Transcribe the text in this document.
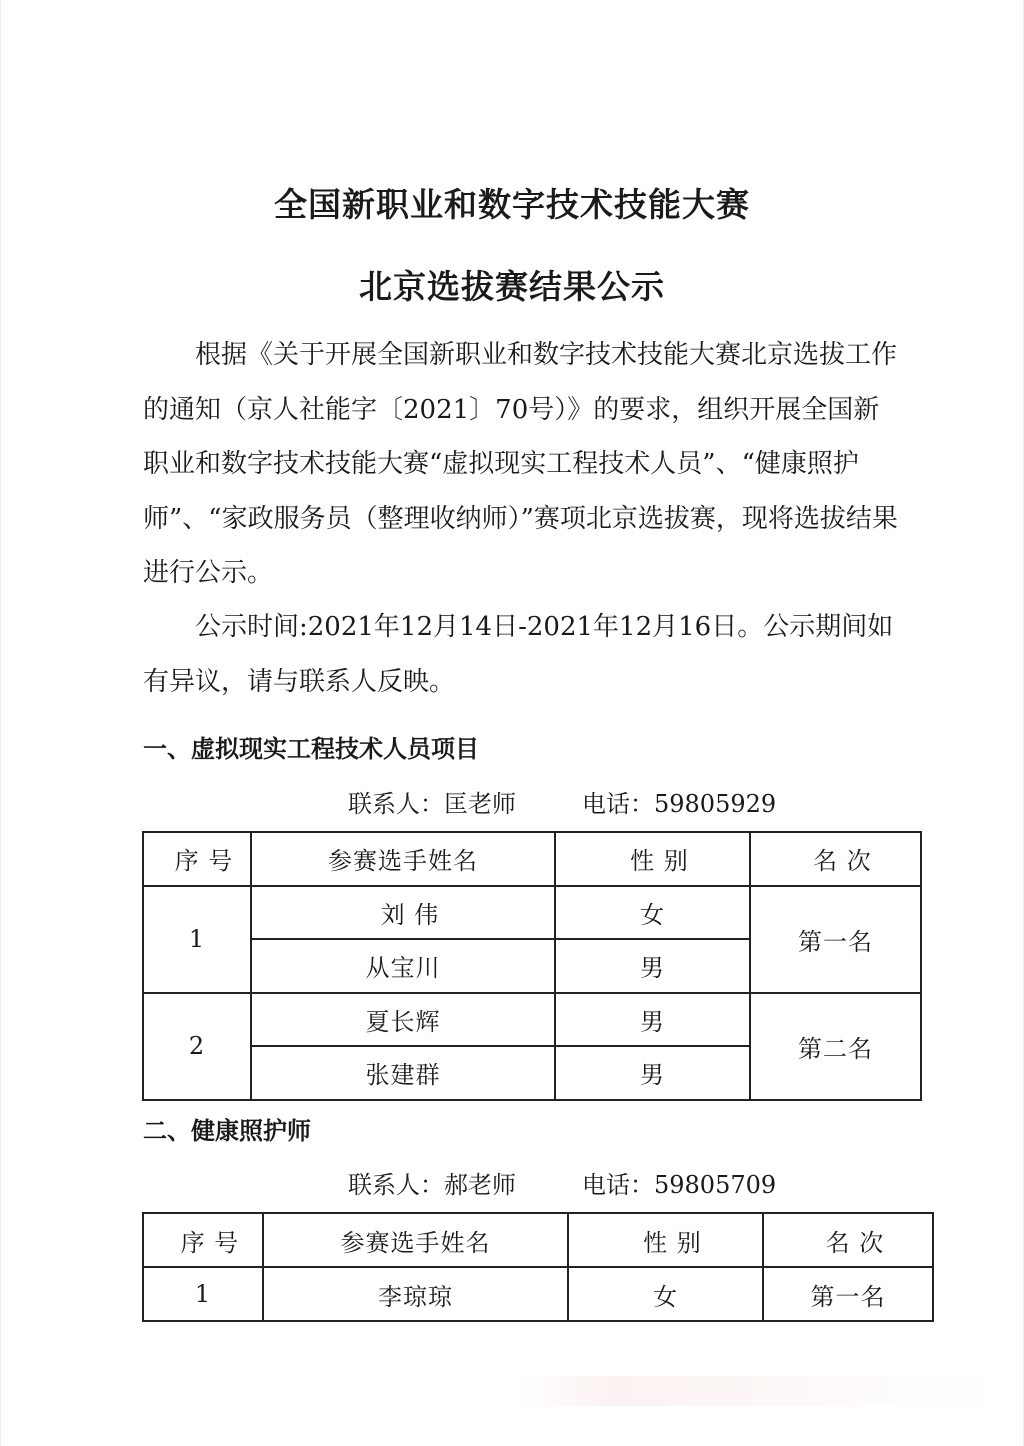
全国新职业和数字技术技能大赛
北京选拔赛结果公示

根据《关于开展全国新职业和数字技术技能大赛北京选拔工作的通知（京人社能字〔2021〕70号）》的要求，组织开展全国新职业和数字技术技能大赛“虚拟现实工程技术人员”、“健康照护师”、“家政服务员（整理收纳师）”赛项北京选拔赛，现将选拔结果进行公示。

公示时间:2021年12月14日-2021年12月16日。公示期间如有异议，请与联系人反映。

一、虚拟现实工程技术人员项目
联系人：匡老师	电话：59805929
序 号	参赛选手姓名	性 别	名 次
1	刘 伟	女	第一名
	从宝川	男	
2	夏长辉	男	第二名
	张建群	男	
二、健康照护师
联系人：郝老师	电话：59805709
序 号	参赛选手姓名	性 别	名 次
1	李琼琼	女	第一名
